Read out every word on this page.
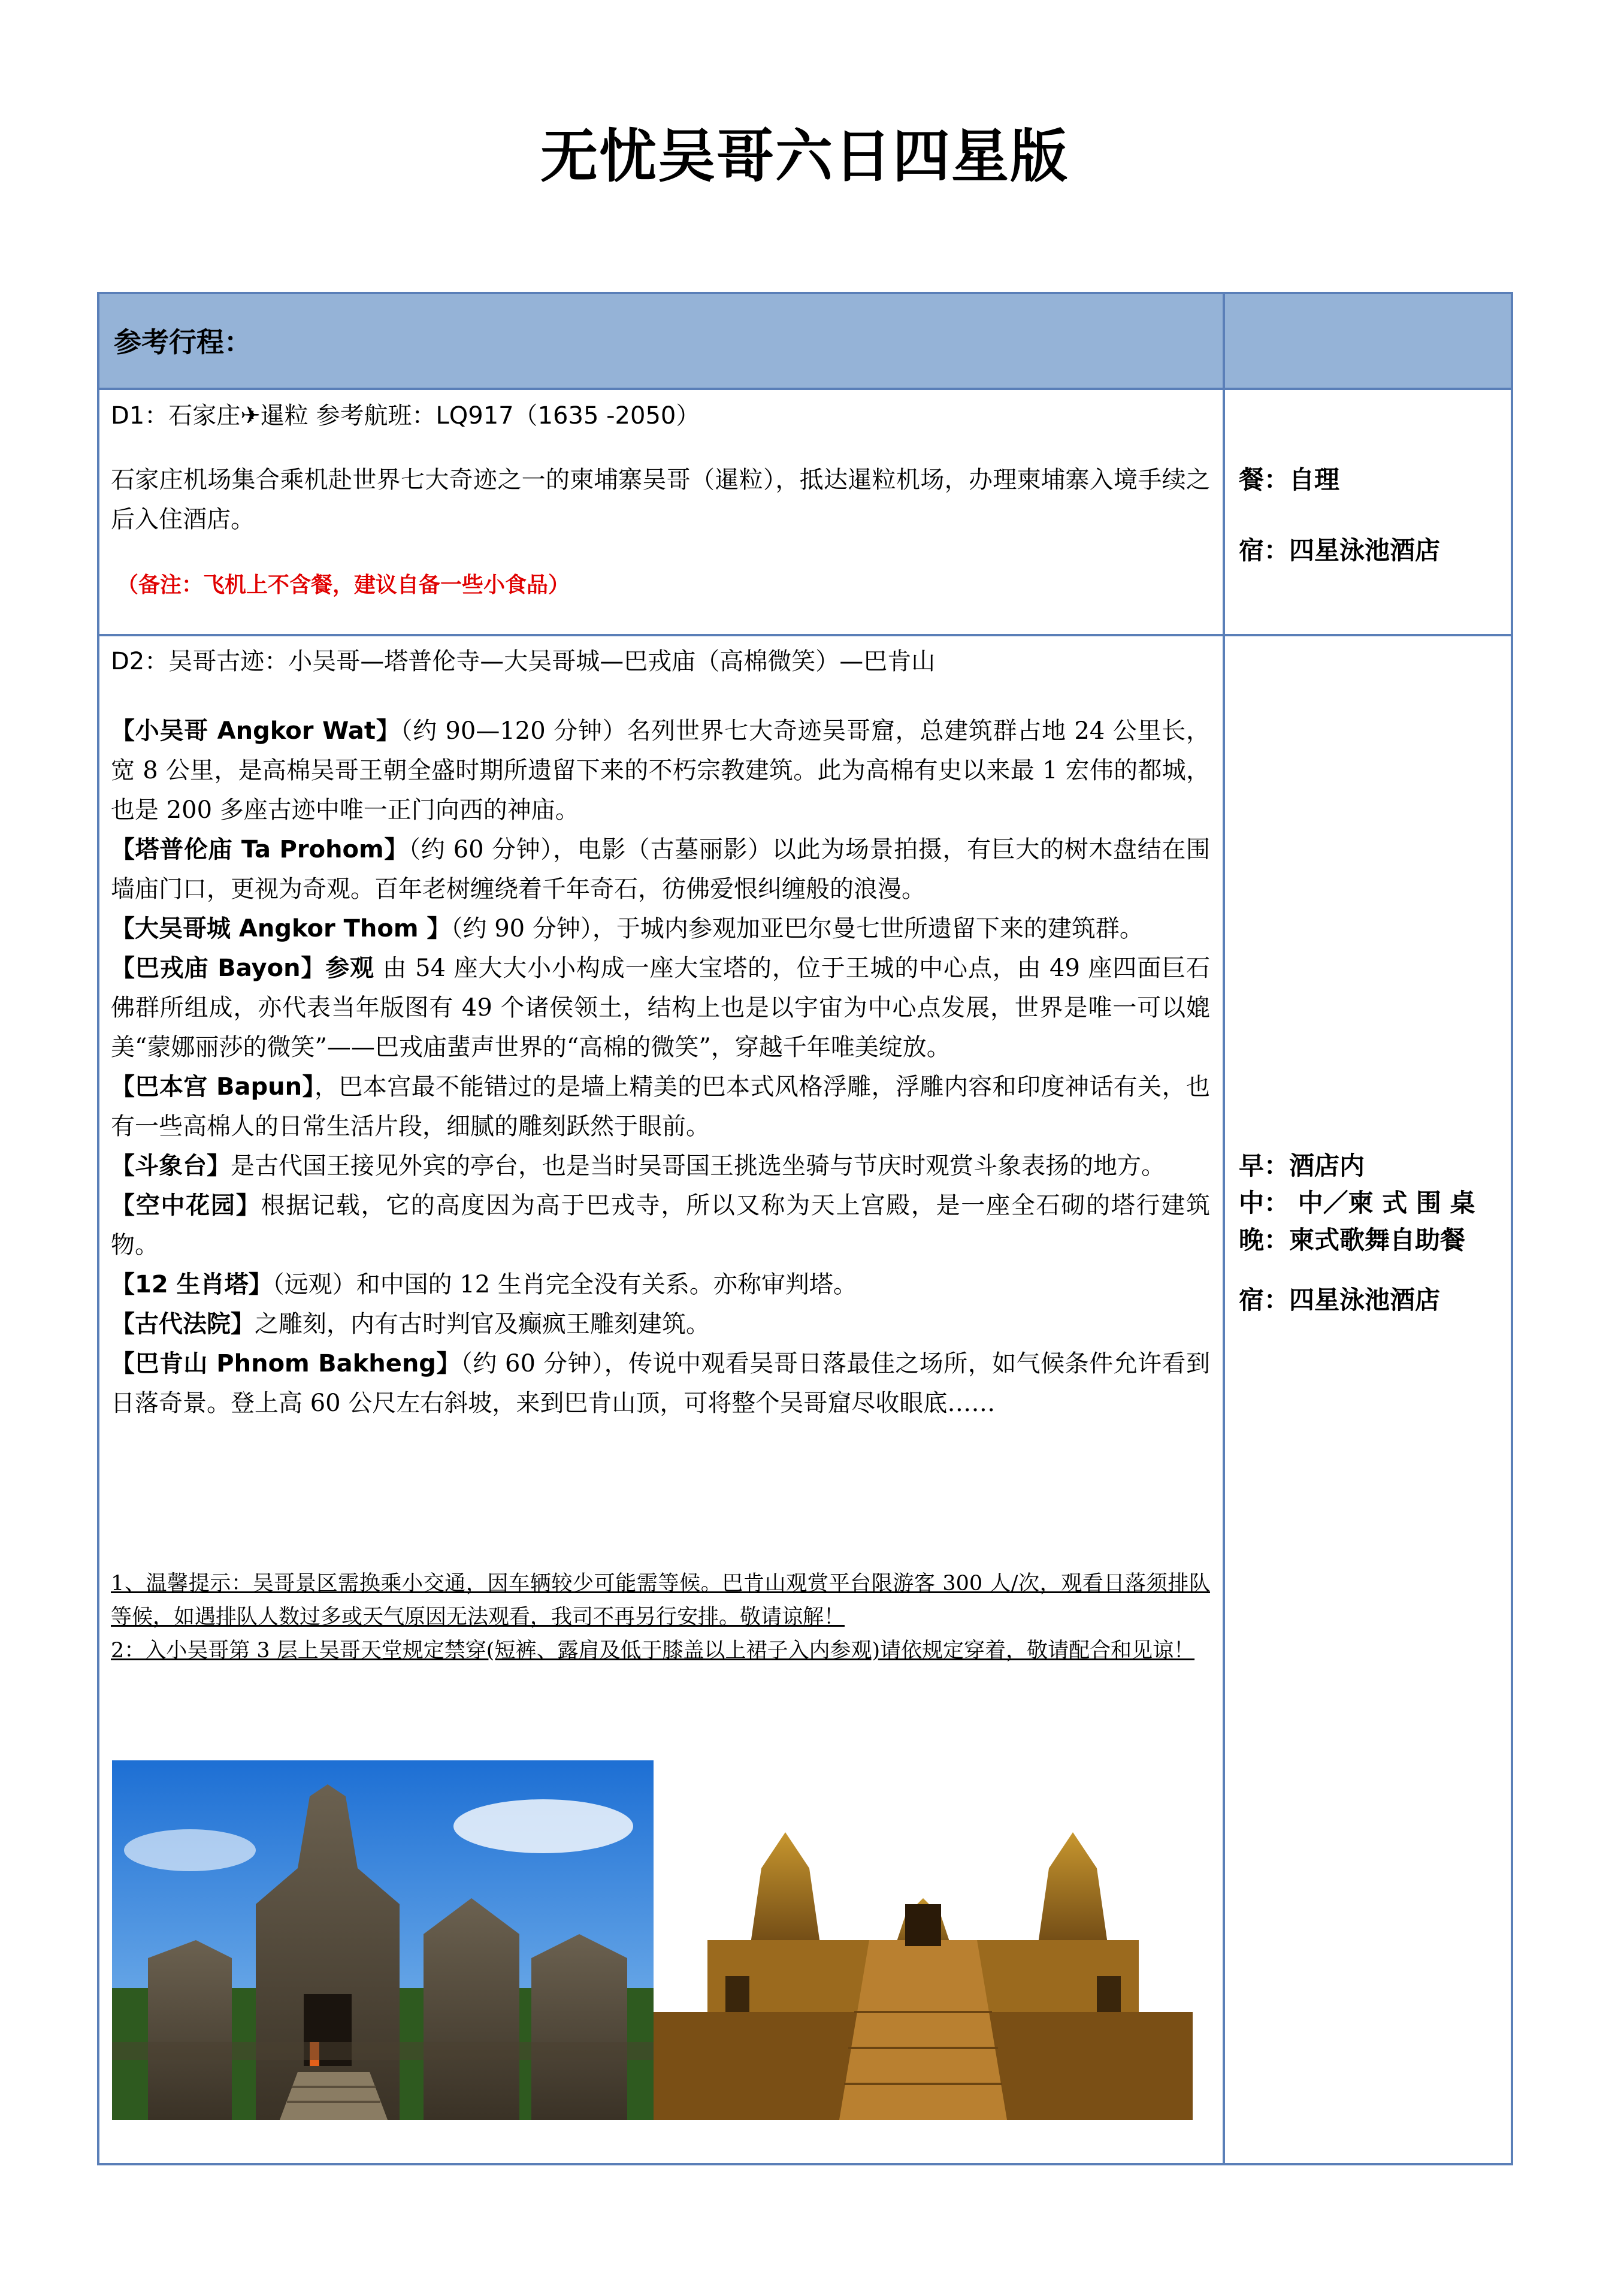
无忧吴哥六日四星版
参考行程：
D1：石家庄✈暹粒 参考航班：LQ917（1635 -2050）
石家庄机场集合乘机赴世界七大奇迹之一的柬埔寨吴哥（暹粒），抵达暹粒机场，办理柬埔寨入境手续之后入住酒店。
（备注：飞机上不含餐，建议自备一些小食品）
餐：自理
宿：四星泳池酒店
D2：吴哥古迹：小吴哥—塔普伦寺—大吴哥城—巴戎庙（高棉微笑）—巴肯山
【小吴哥 Angkor Wat】（约 90—120 分钟）名列世界七大奇迹吴哥窟，总建筑群占地 24 公里长，宽 8 公里，是高棉吴哥王朝全盛时期所遗留下来的不朽宗教建筑。此为高棉有史以来最 1 宏伟的都城，也是 200 多座古迹中唯一正门向西的神庙。
【塔普伦庙 Ta Prohom】（约 60 分钟），电影（古墓丽影）以此为场景拍摄，有巨大的树木盘结在围墙庙门口，更视为奇观。百年老树缠绕着千年奇石，彷佛爱恨纠缠般的浪漫。
【大吴哥城 Angkor Thom 】（约 90 分钟），于城内参观加亚巴尔曼七世所遗留下来的建筑群。
【巴戎庙 Bayon】参观 由 54 座大大小小构成一座大宝塔的，位于王城的中心点，由 49 座四面巨石佛群所组成，亦代表当年版图有 49 个诸侯领土，结构上也是以宇宙为中心点发展，世界是唯一可以媲美“蒙娜丽莎的微笑”——巴戎庙蜚声世界的“高棉的微笑”，穿越千年唯美绽放。
【巴本宫 Bapun】，巴本宫最不能错过的是墙上精美的巴本式风格浮雕，浮雕内容和印度神话有关，也有一些高棉人的日常生活片段，细腻的雕刻跃然于眼前。
【斗象台】是古代国王接见外宾的亭台，也是当时吴哥国王挑选坐骑与节庆时观赏斗象表扬的地方。
【空中花园】根据记载，它的高度因为高于巴戎寺，所以又称为天上宫殿，是一座全石砌的塔行建筑物。
【12 生肖塔】（远观）和中国的 12 生肖完全没有关系。亦称审判塔。
【古代法院】之雕刻，内有古时判官及癫疯王雕刻建筑。
【巴肯山 Phnom Bakheng】（约 60 分钟），传说中观看吴哥日落最佳之场所，如气候条件允许看到日落奇景。登上高 60 公尺左右斜坡，来到巴肯山顶，可将整个吴哥窟尽收眼底……
1、温馨提示：吴哥景区需换乘小交通，因车辆较少可能需等候。巴肯山观赏平台限游客 300 人/次，观看日落须排队等候，如遇排队人数过多或天气原因无法观看，我司不再另行安排。敬请谅解！
2：入小吴哥第 3 层上吴哥天堂规定禁穿(短裤、露肩及低于膝盖以上裙子入内参观)请依规定穿着，敬请配合和见谅！
早：酒店内
中： 中／柬 式 围 桌
晚：柬式歌舞自助餐
宿：四星泳池酒店
